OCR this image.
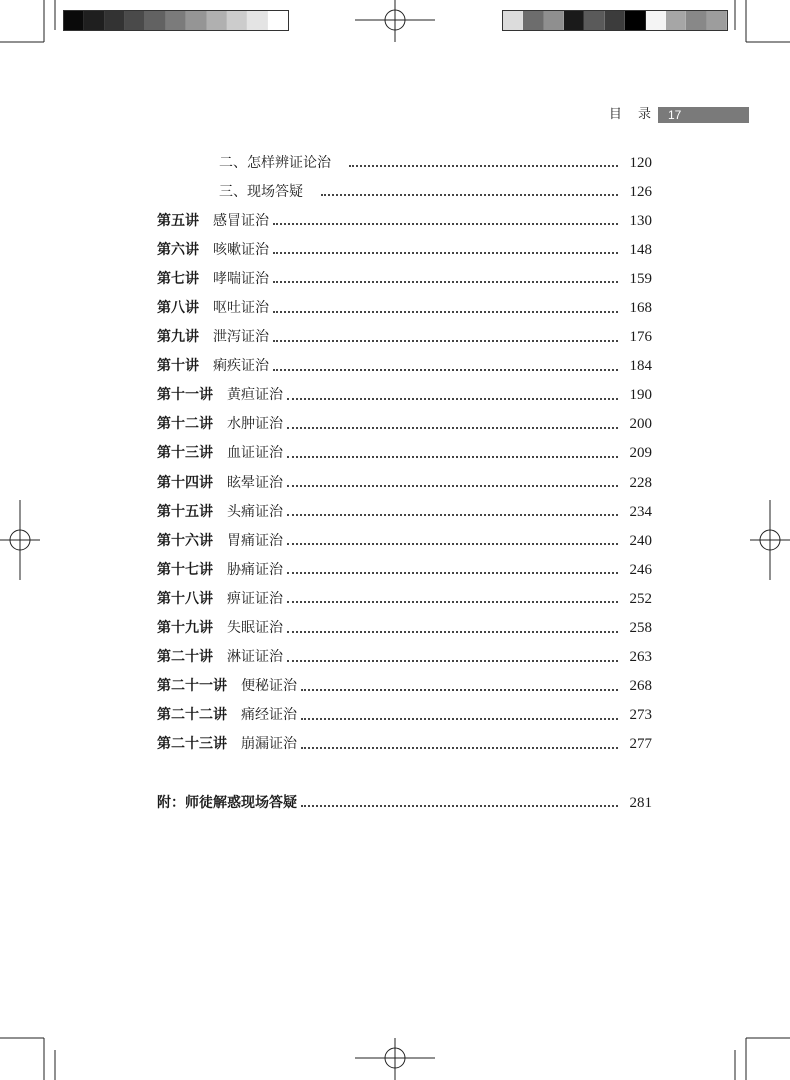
目 录 17
二、怎样辨证论治	120
三、现场答疑	126
第五讲 感冒证治	130
第六讲 咳嗽证治	148
第七讲 哮喘证治	159
第八讲 呕吐证治	168
第九讲 泄泻证治	176
第十讲 痢疾证治	184
第十一讲 黄疸证治	190
第十二讲 水肿证治	200
第十三讲 血证证治	209
第十四讲 眩晕证治	228
第十五讲 头痛证治	234
第十六讲 胃痛证治	240
第十七讲 胁痛证治	246
第十八讲 痹证证治	252
第十九讲 失眠证治	258
第二十讲 淋证证治	263
第二十一讲 便秘证治	268
第二十二讲 痛经证治	273
第二十三讲 崩漏证治	277
附：师徒解惑现场答疑	281
